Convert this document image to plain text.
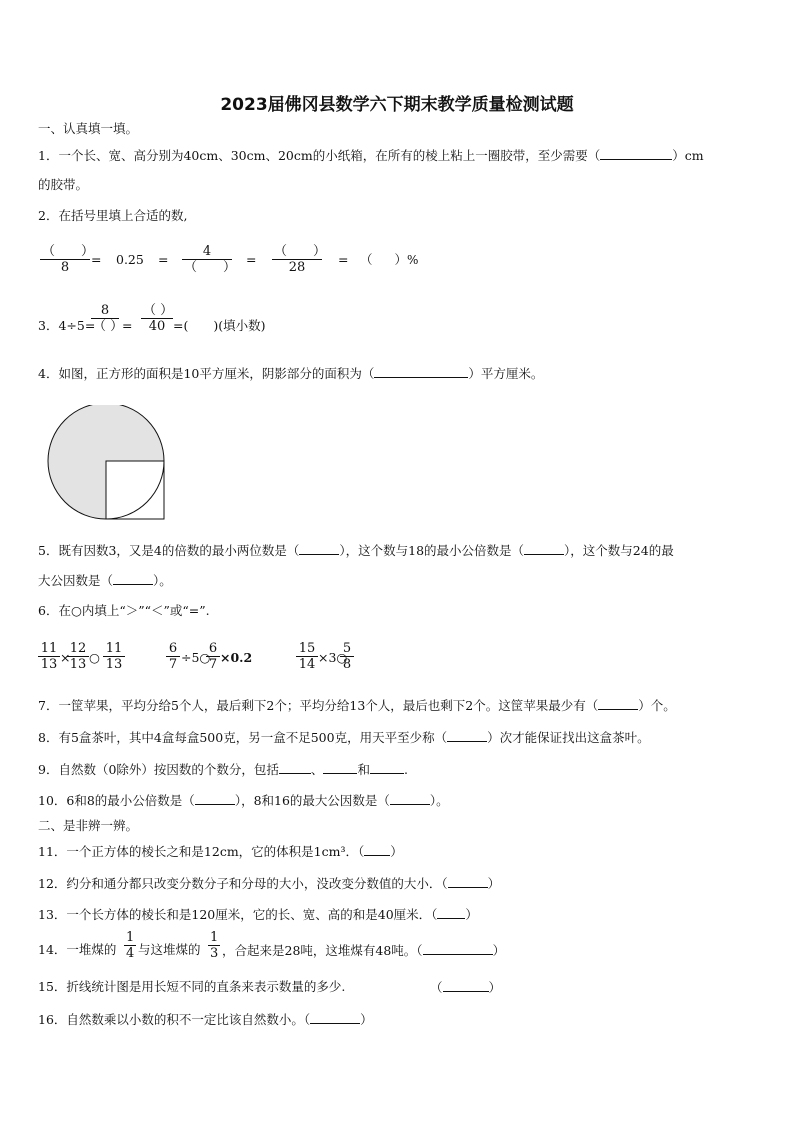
2023届佛冈县数学六下期末教学质量检测试题
一、认真填一填。
1．一个长、宽、高分别为40cm、30cm、20cm的小纸箱，在所有的棱上粘上一圈胶带，至少需要（	）cm
的胶带。
2．在括号里填上合适的数,
（　　）
8
= 0.25 =
4
（　　）
=
（　　）
28
= （ ）%
3．4÷5=
8
（ ）
=
（ ）
40 =(　　)(填小数)
4．如图，正方形的面积是10平方厘米，阴影部分的面积为（	）平方厘米。
5．既有因数3，又是4的倍数的最小两位数是（	），这个数与18的最小公倍数是（	），这个数与24的最
大公因数是（	）。
6．在○内填上“＞”“＜”或“=”.
$\frac{11}{13}$ ×
$\frac{12}{13}$ ○ $\frac{11}{13}$	$\frac{6}{7}$ ÷5○
$\frac{6}{7} \times 0.2$	$\frac{15}{14}$ ×3○
$\frac{5}{8}$
7．一筐苹果，平均分给5个人，最后剩下2个；平均分给13个人，最后也剩下2个。这筐苹果最少有（	）个。
8．有5盒茶叶，其中4盒每盒500克，另一盒不足500克，用天平至少称（	）次才能保证找出这盒茶叶。
9．自然数（0除外）按因数的个数分，包括	、	和	.
10．6和8的最小公倍数是（	），8和16的最大公因数是（	）。
二、是非辨一辨。
11．一个正方体的棱长之和是12cm，它的体积是1cm³．（ ）
12．约分和通分都只改变分数分子和分母的大小，没改变分数值的大小．（	）
13．一个长方体的棱长和是120厘米，它的长、宽、高的和是40厘米．（ ）
14．一堆煤的 $\frac{1}{4}$ 与这堆煤的 $\frac{1}{3}$ ，合起来是28吨，这堆煤有48吨。（	）
15．折线统计图是用长短不同的直条来表示数量的多少.	（	）
16．自然数乘以小数的积不一定比该自然数小。（	）
